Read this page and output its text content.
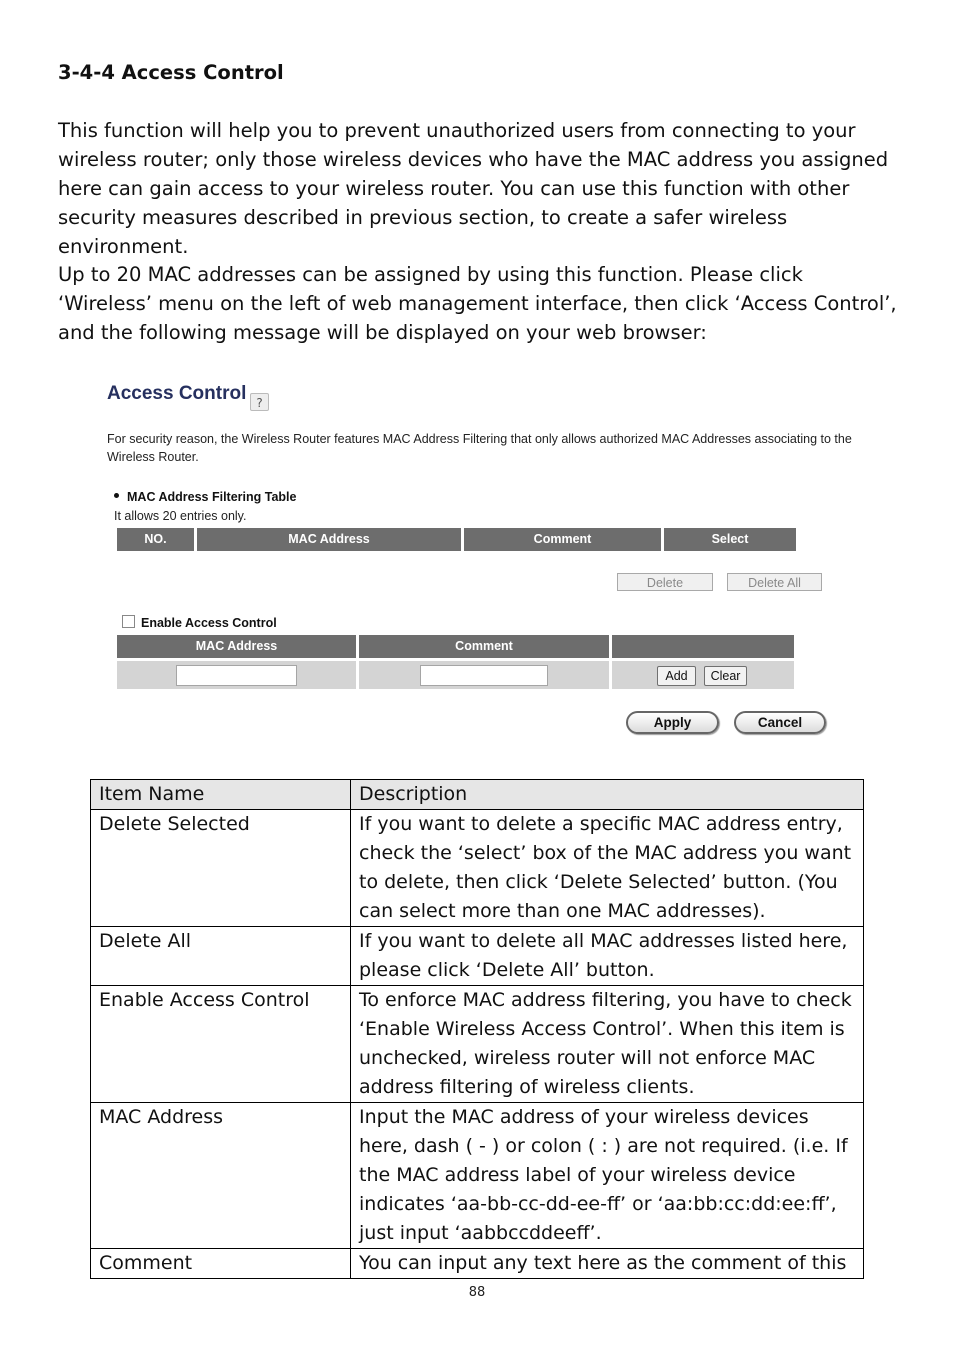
3-4-4 Access Control
This function will help you to prevent unauthorized users from connecting to your wireless router; only those wireless devices who have the MAC address you assigned here can gain access to your wireless router. You can use this function with other security measures described in previous section, to create a safer wireless environment.
Up to 20 MAC addresses can be assigned by using this function. Please click ‘Wireless’ menu on the left of web management interface, then click ‘Access Control’, and the following message will be displayed on your web browser:
Access Control ?
For security reason, the Wireless Router features MAC Address Filtering that only allows authorized MAC Addresses associating to the Wireless Router.
MAC Address Filtering Table
It allows 20 entries only.
NO.	MAC Address	Comment	Select
Delete	Delete All
Enable Access Control
MAC Address	Comment
Add	Clear
Apply	Cancel
Item Name	Description
Delete Selected	If you want to delete a specific MAC address entry, check the ‘select’ box of the MAC address you want to delete, then click ‘Delete Selected’ button. (You can select more than one MAC addresses).
Delete All	If you want to delete all MAC addresses listed here, please click ‘Delete All’ button.
Enable Access Control	To enforce MAC address filtering, you have to check ‘Enable Wireless Access Control’. When this item is unchecked, wireless router will not enforce MAC address filtering of wireless clients.
MAC Address	Input the MAC address of your wireless devices here, dash ( - ) or colon ( : ) are not required. (i.e. If the MAC address label of your wireless device indicates ‘aa-bb-cc-dd-ee-ff’ or ‘aa:bb:cc:dd:ee:ff’, just input ‘aabbccddeeff’.
Comment	You can input any text here as the comment of this
88
